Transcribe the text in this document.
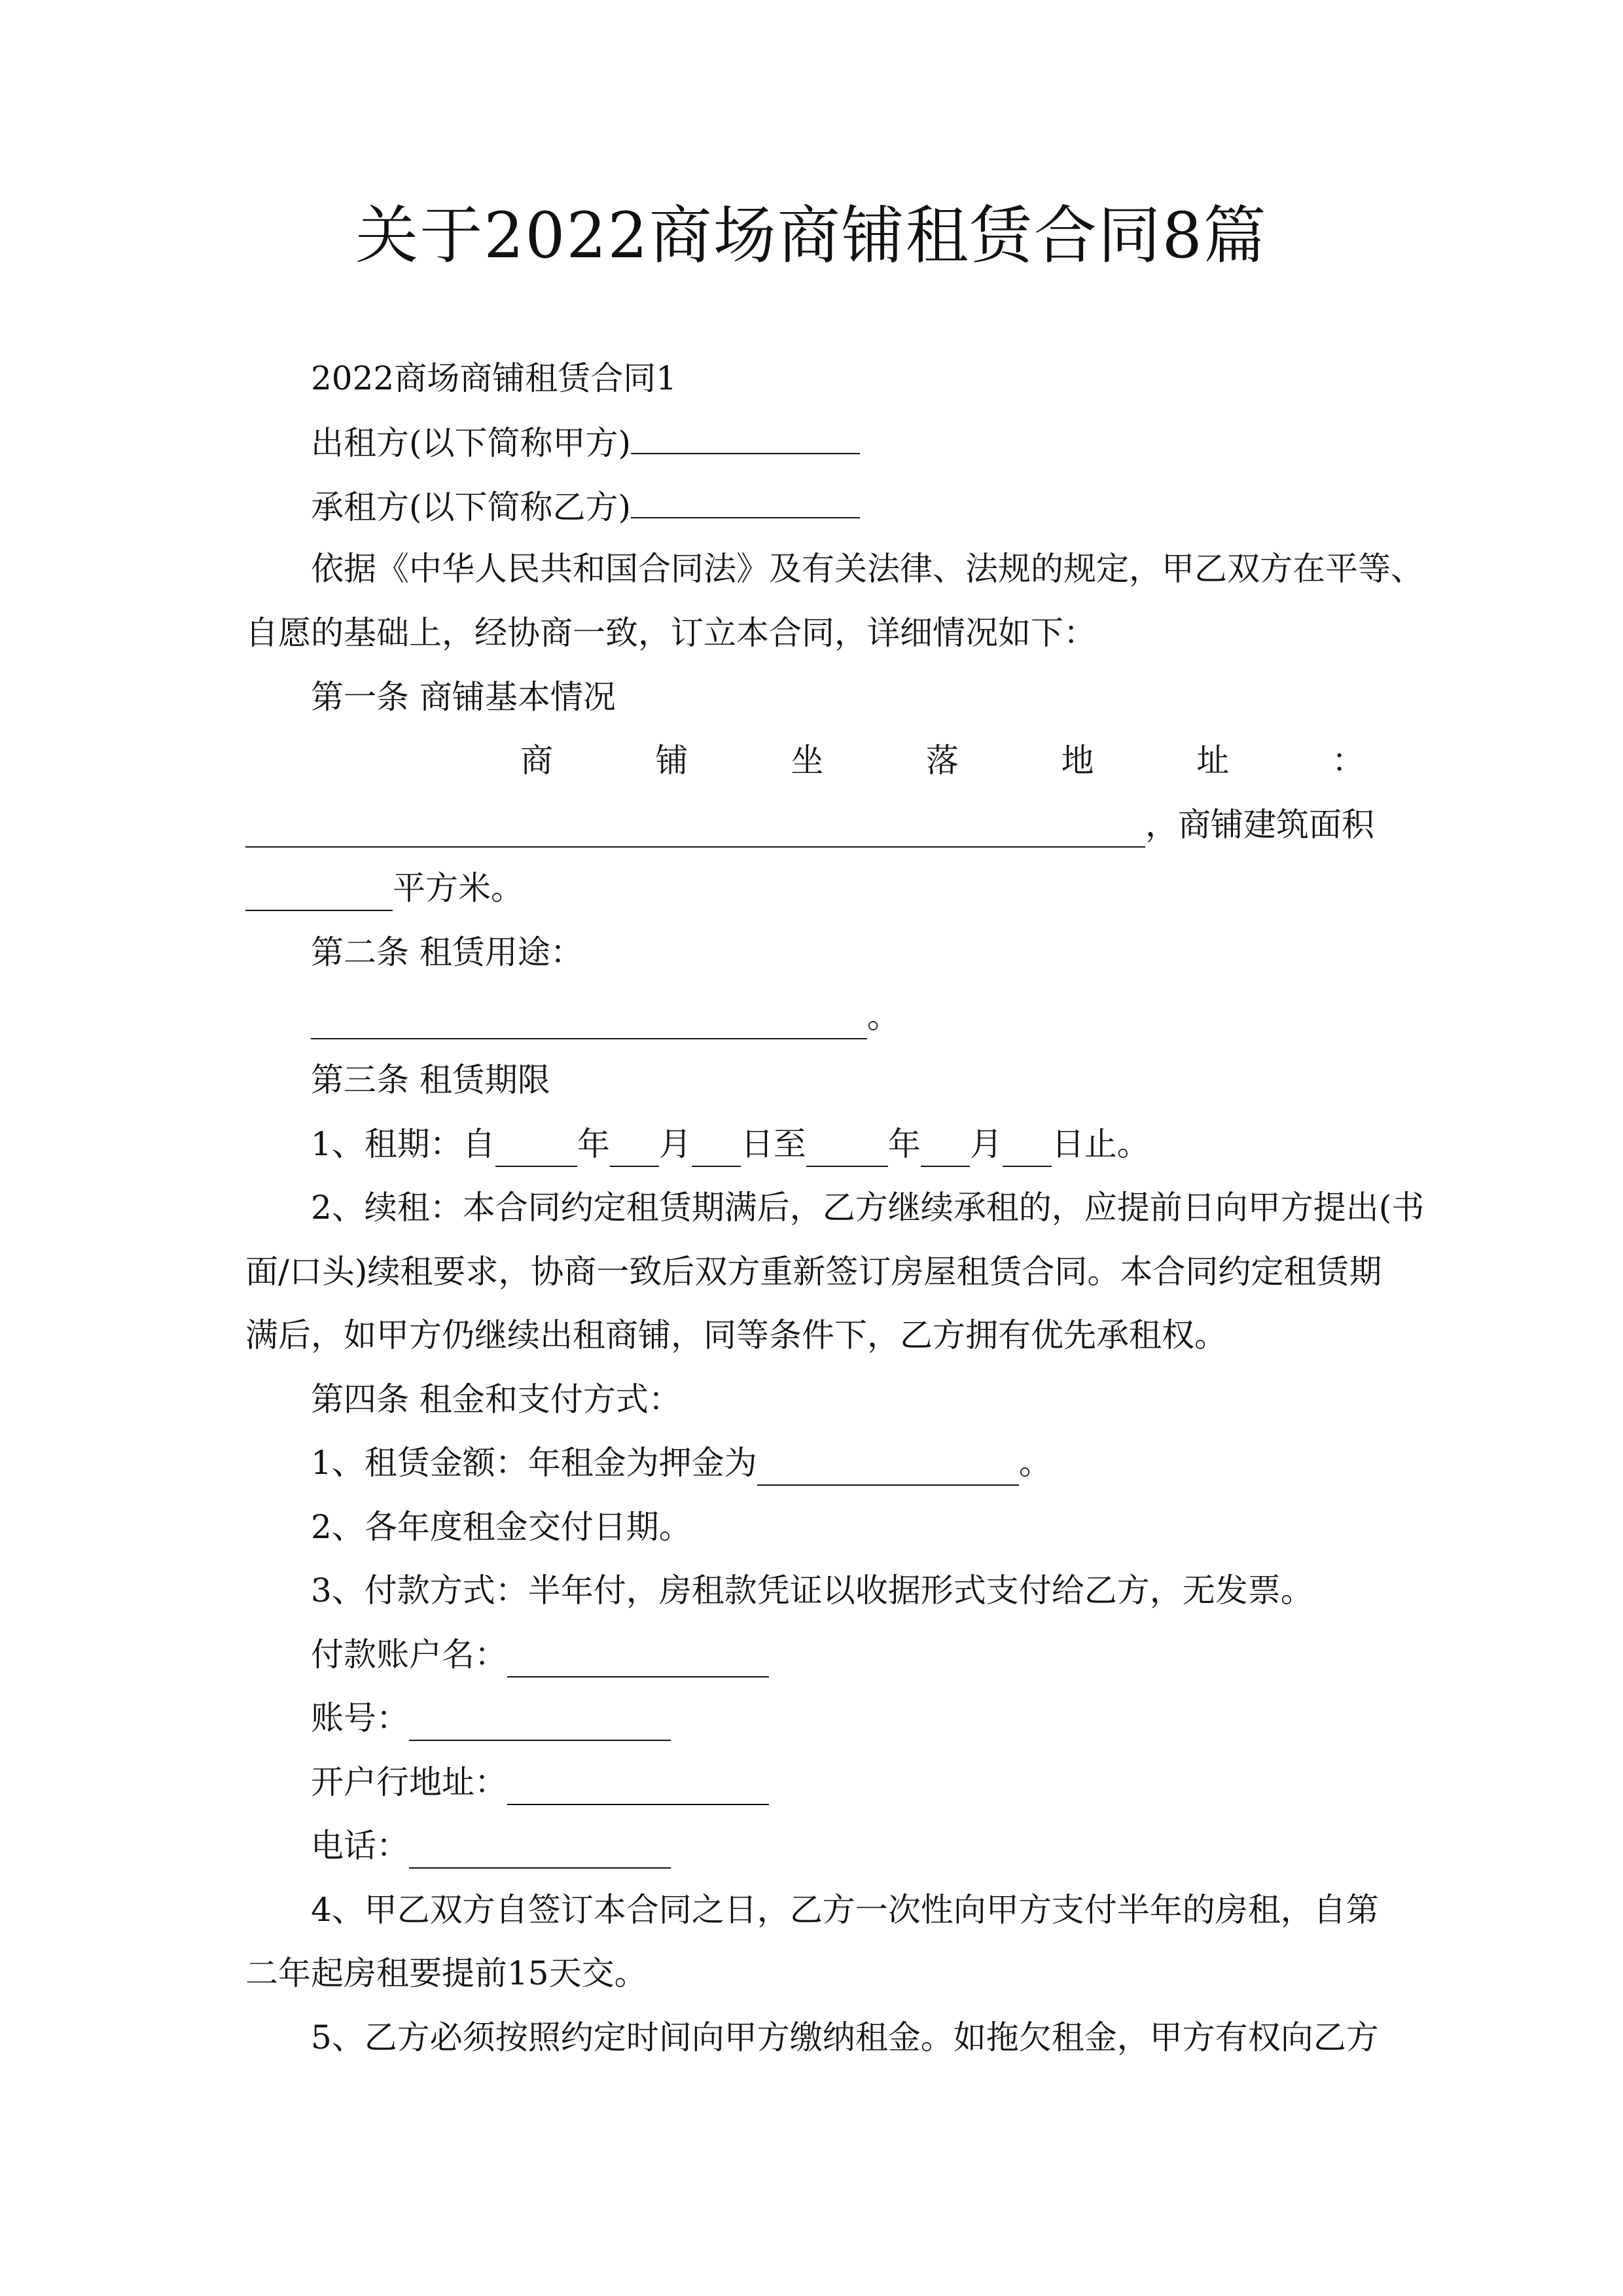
关于2022商场商铺租赁合同8篇
2022商场商铺租赁合同1
出租方(以下简称甲方)
承租方(以下简称乙方)
依据《中华人民共和国合同法》及有关法律、法规的规定，甲乙双方在平等、
自愿的基础上，经协商一致，订立本合同，详细情况如下：
第一条 商铺基本情况
商	铺	坐	落	地	址	：
，商铺建筑面积
平方米。
第二条 租赁用途：
。
第三条 租赁期限
1、租期：自	年 月 日至	年 月 日止。
2、续租：本合同约定租赁期满后，乙方继续承租的，应提前日向甲方提出(书
面/口头)续租要求，协商一致后双方重新签订房屋租赁合同。本合同约定租赁期
满后，如甲方仍继续出租商铺，同等条件下，乙方拥有优先承租权。
第四条 租金和支付方式：
1、租赁金额：年租金为押金为	。
2、各年度租金交付日期。
3、付款方式：半年付，房租款凭证以收据形式支付给乙方，无发票。
付款账户名：
账号：
开户行地址：
电话：
4、甲乙双方自签订本合同之日，乙方一次性向甲方支付半年的房租，自第
二年起房租要提前15天交。
5、乙方必须按照约定时间向甲方缴纳租金。如拖欠租金，甲方有权向乙方
